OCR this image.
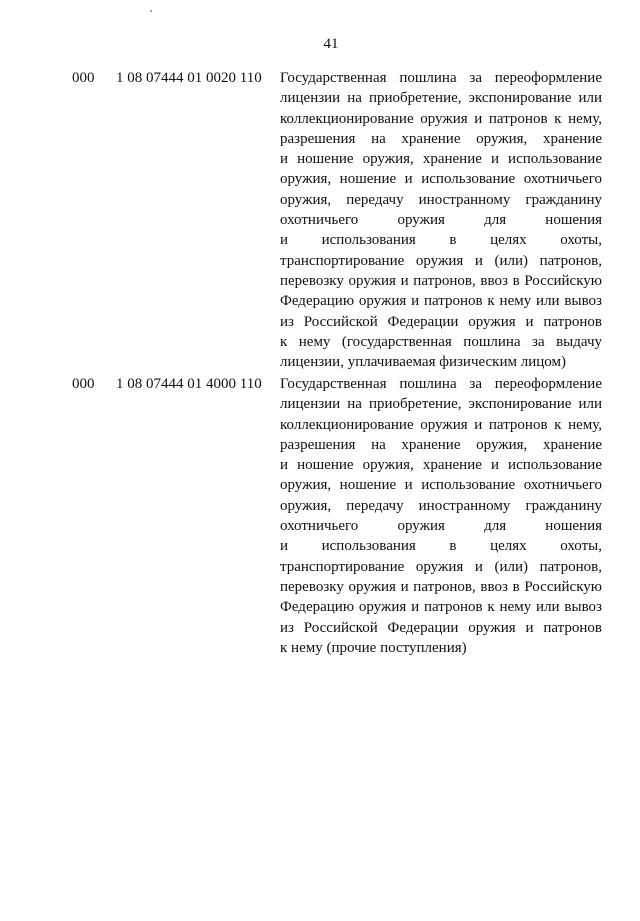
41
000 1 08 07444 01 0020 110 Государственная пошлина за переоформление
лицензии на приобретение, экспонирование или
коллекционирование оружия и патронов к нему,
разрешения на хранение оружия, хранение
и ношение оружия, хранение и использование
оружия, ношение и использование охотничьего
оружия, передачу иностранному гражданину
охотничьего оружия для ношения
и использования в целях охоты,
транспортирование оружия и (или) патронов,
перевозку оружия и патронов, ввоз в Российскую
Федерацию оружия и патронов к нему или вывоз
из Российской Федерации оружия и патронов
к нему (государственная пошлина за выдачу
лицензии, уплачиваемая физическим лицом)
000 1 08 07444 01 4000 110 Государственная пошлина за переоформление
лицензии на приобретение, экспонирование или
коллекционирование оружия и патронов к нему,
разрешения на хранение оружия, хранение
и ношение оружия, хранение и использование
оружия, ношение и использование охотничьего
оружия, передачу иностранному гражданину
охотничьего оружия для ношения
и использования в целях охоты,
транспортирование оружия и (или) патронов,
перевозку оружия и патронов, ввоз в Российскую
Федерацию оружия и патронов к нему или вывоз
из Российской Федерации оружия и патронов
к нему (прочие поступления)
